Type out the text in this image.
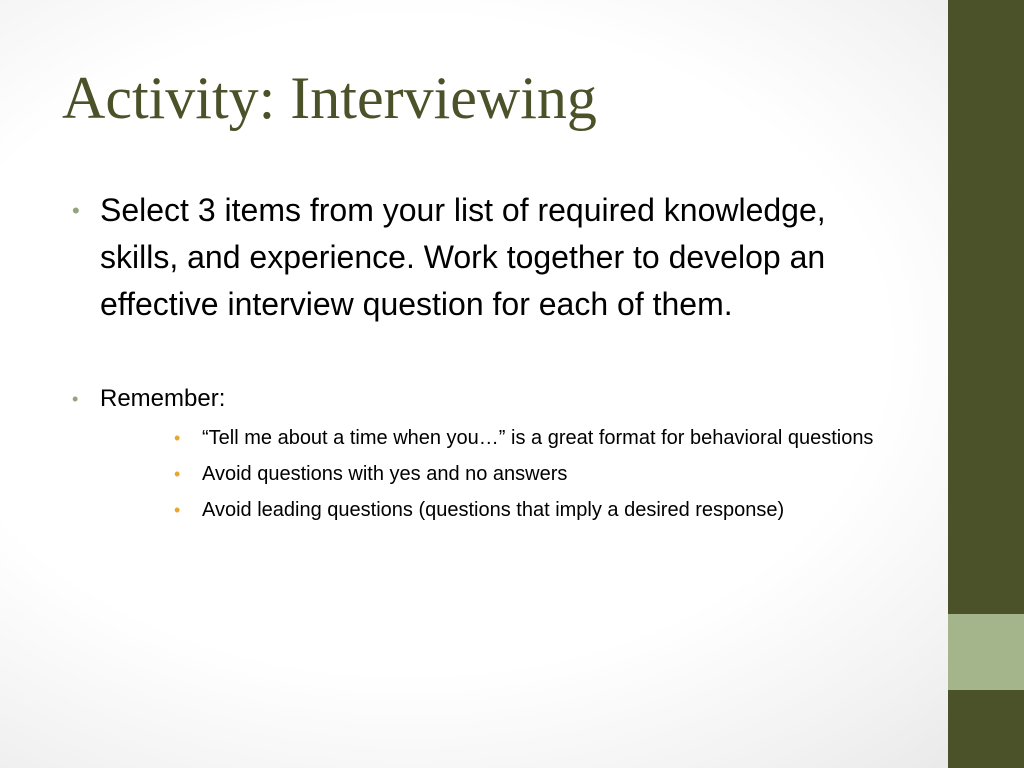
Activity: Interviewing
• Select 3 items from your list of required knowledge, skills, and experience. Work together to develop an effective interview question for each of them.
• Remember:
• “Tell me about a time when you…” is a great format for behavioral questions
• Avoid questions with yes and no answers
• Avoid leading questions (questions that imply a desired response)
